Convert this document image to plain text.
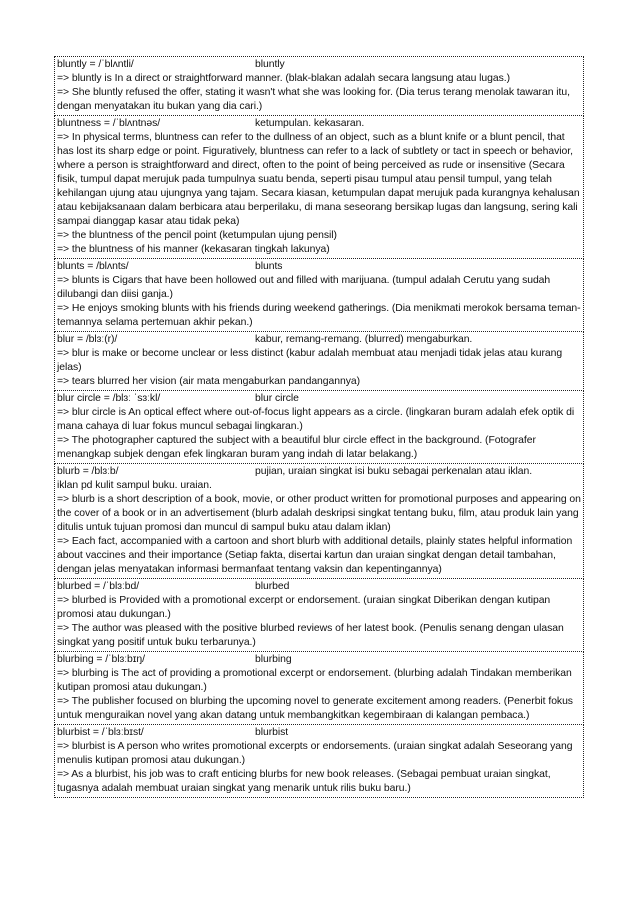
bluntly = /ˈblʌntli/	bluntly
=> bluntly is In a direct or straightforward manner. (blak-blakan adalah secara langsung atau lugas.)
=> She bluntly refused the offer, stating it wasn't what she was looking for. (Dia terus terang menolak tawaran itu, dengan menyatakan itu bukan yang dia cari.)
bluntness = /ˈblʌntnəs/	ketumpulan. kekasaran.
=> In physical terms, bluntness can refer to the dullness of an object, such as a blunt knife or a blunt pencil, that has lost its sharp edge or point. Figuratively, bluntness can refer to a lack of subtlety or tact in speech or behavior, where a person is straightforward and direct, often to the point of being perceived as rude or insensitive (Secara fisik, tumpul dapat merujuk pada tumpulnya suatu benda, seperti pisau tumpul atau pensil tumpul, yang telah kehilangan ujung atau ujungnya yang tajam. Secara kiasan, ketumpulan dapat merujuk pada kurangnya kehalusan atau kebijaksanaan dalam berbicara atau berperilaku, di mana seseorang bersikap lugas dan langsung, sering kali sampai dianggap kasar atau tidak peka)
=> the bluntness of the pencil point (ketumpulan ujung pensil)
=> the bluntness of his manner (kekasaran tingkah lakunya)
blunts = /blʌnts/	blunts
=> blunts is Cigars that have been hollowed out and filled with marijuana. (tumpul adalah Cerutu yang sudah dilubangi dan diisi ganja.)
=> He enjoys smoking blunts with his friends during weekend gatherings. (Dia menikmati merokok bersama teman-temannya selama pertemuan akhir pekan.)
blur = /blɜː(r)/	kabur, remang-remang. (blurred) mengaburkan.
=> blur is make or become unclear or less distinct (kabur adalah membuat atau menjadi tidak jelas atau kurang jelas)
=> tears blurred her vision (air mata mengaburkan pandangannya)
blur circle = /blɜː ˈsɜːkl/	blur circle
=> blur circle is An optical effect where out-of-focus light appears as a circle. (lingkaran buram adalah efek optik di mana cahaya di luar fokus muncul sebagai lingkaran.)
=> The photographer captured the subject with a beautiful blur circle effect in the background. (Fotografer menangkap subjek dengan efek lingkaran buram yang indah di latar belakang.)
blurb = /blɜːb/	pujian, uraian singkat isi buku sebagai perkenalan atau iklan.
iklan pd kulit sampul buku. uraian.
=> blurb is a short description of a book, movie, or other product written for promotional purposes and appearing on the cover of a book or in an advertisement (blurb adalah deskripsi singkat tentang buku, film, atau produk lain yang ditulis untuk tujuan promosi dan muncul di sampul buku atau dalam iklan)
=> Each fact, accompanied with a cartoon and short blurb with additional details, plainly states helpful information about vaccines and their importance (Setiap fakta, disertai kartun dan uraian singkat dengan detail tambahan, dengan jelas menyatakan informasi bermanfaat tentang vaksin dan kepentingannya)
blurbed = /ˈblɜːbd/	blurbed
=> blurbed is Provided with a promotional excerpt or endorsement. (uraian singkat Diberikan dengan kutipan promosi atau dukungan.)
=> The author was pleased with the positive blurbed reviews of her latest book. (Penulis senang dengan ulasan singkat yang positif untuk buku terbarunya.)
blurbing = /ˈblɜːbɪŋ/	blurbing
=> blurbing is The act of providing a promotional excerpt or endorsement. (blurbing adalah Tindakan memberikan kutipan promosi atau dukungan.)
=> The publisher focused on blurbing the upcoming novel to generate excitement among readers. (Penerbit fokus untuk menguraikan novel yang akan datang untuk membangkitkan kegembiraan di kalangan pembaca.)
blurbist = /ˈblɜːbɪst/	blurbist
=> blurbist is A person who writes promotional excerpts or endorsements. (uraian singkat adalah Seseorang yang menulis kutipan promosi atau dukungan.)
=> As a blurbist, his job was to craft enticing blurbs for new book releases. (Sebagai pembuat uraian singkat, tugasnya adalah membuat uraian singkat yang menarik untuk rilis buku baru.)
